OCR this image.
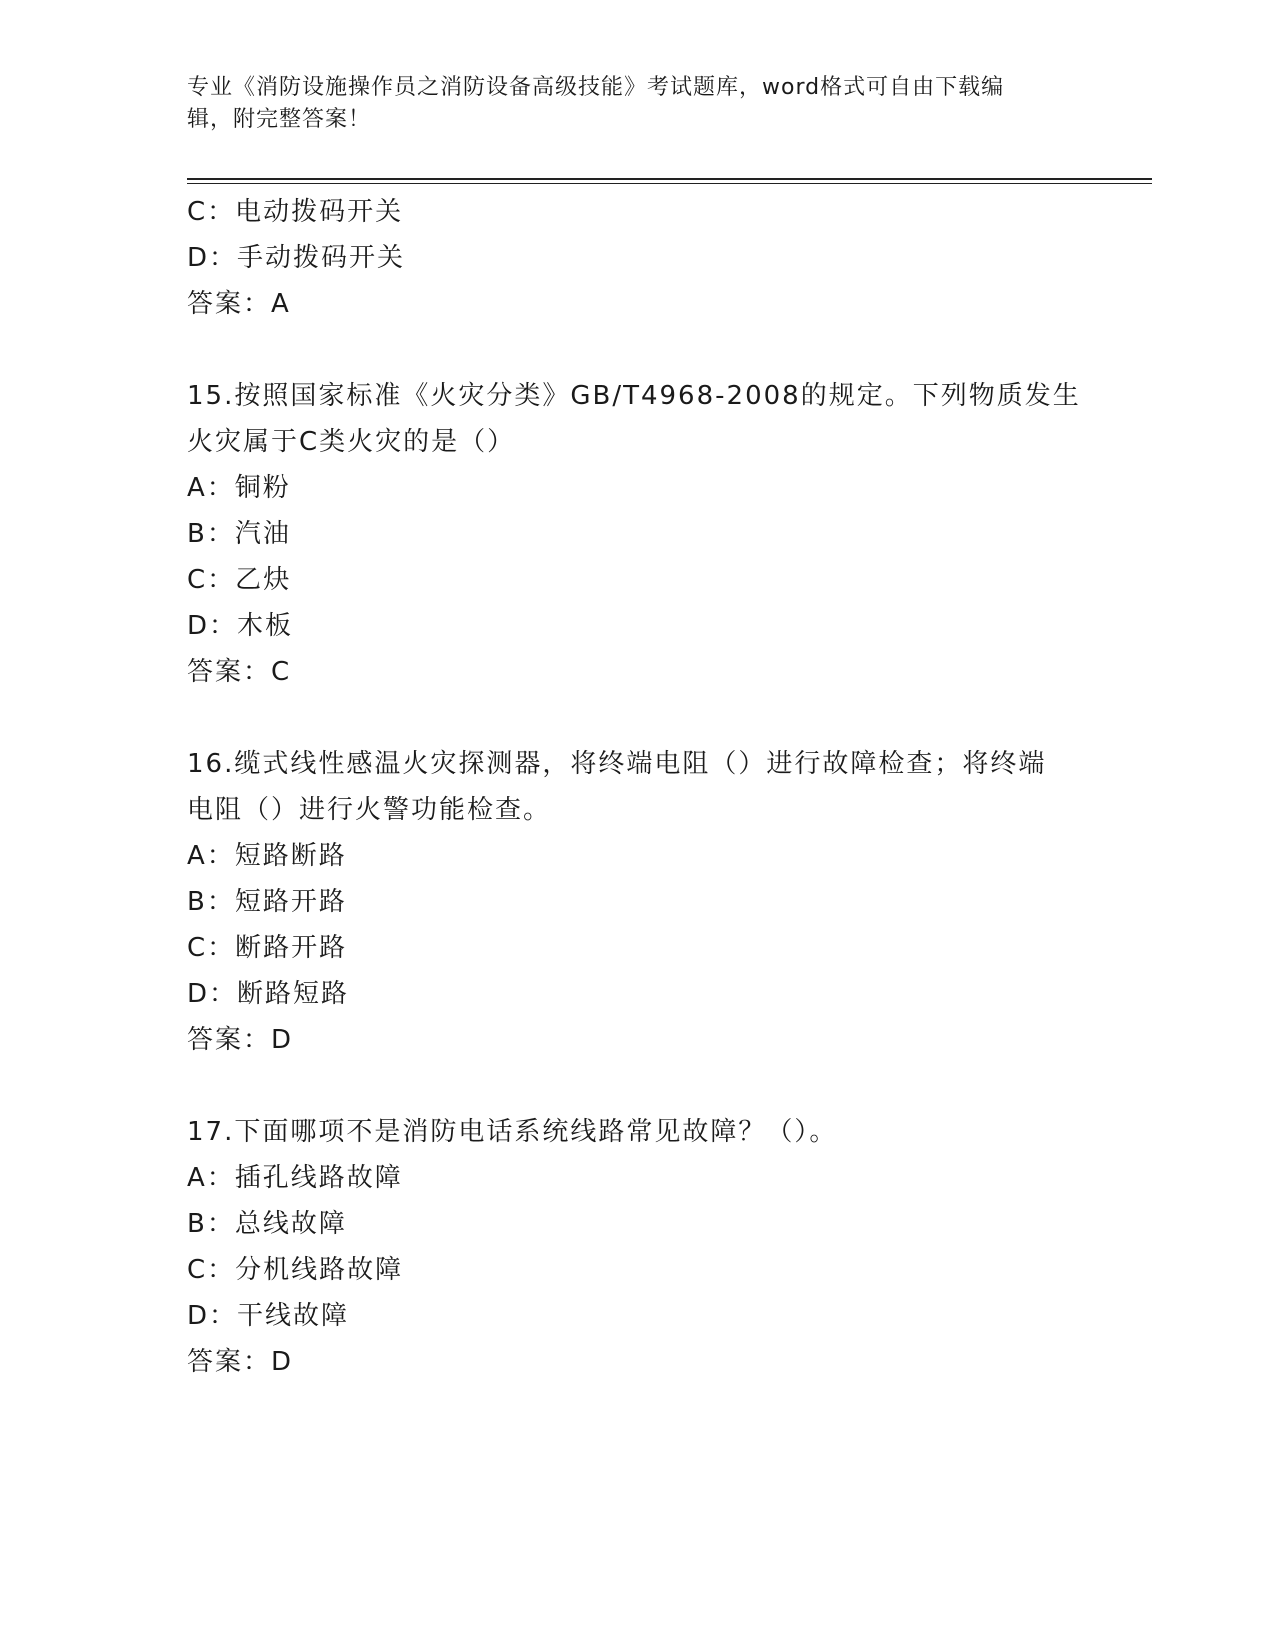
专业《消防设施操作员之消防设备高级技能》考试题库，word格式可自由下载编
辑，附完整答案！
C：电动拨码开关
D：手动拨码开关
答案：A
15.按照国家标准《火灾分类》GB/T4968-2008的规定。下列物质发生
火灾属于C类火灾的是（）
A：铜粉
B：汽油
C：乙炔
D：木板
答案：C
16.缆式线性感温火灾探测器，将终端电阻（）进行故障检查；将终端
电阻（）进行火警功能检查。
A：短路断路
B：短路开路
C：断路开路
D：断路短路
答案：D
17.下面哪项不是消防电话系统线路常见故障？（）。
A：插孔线路故障
B：总线故障
C：分机线路故障
D：干线故障
答案：D
